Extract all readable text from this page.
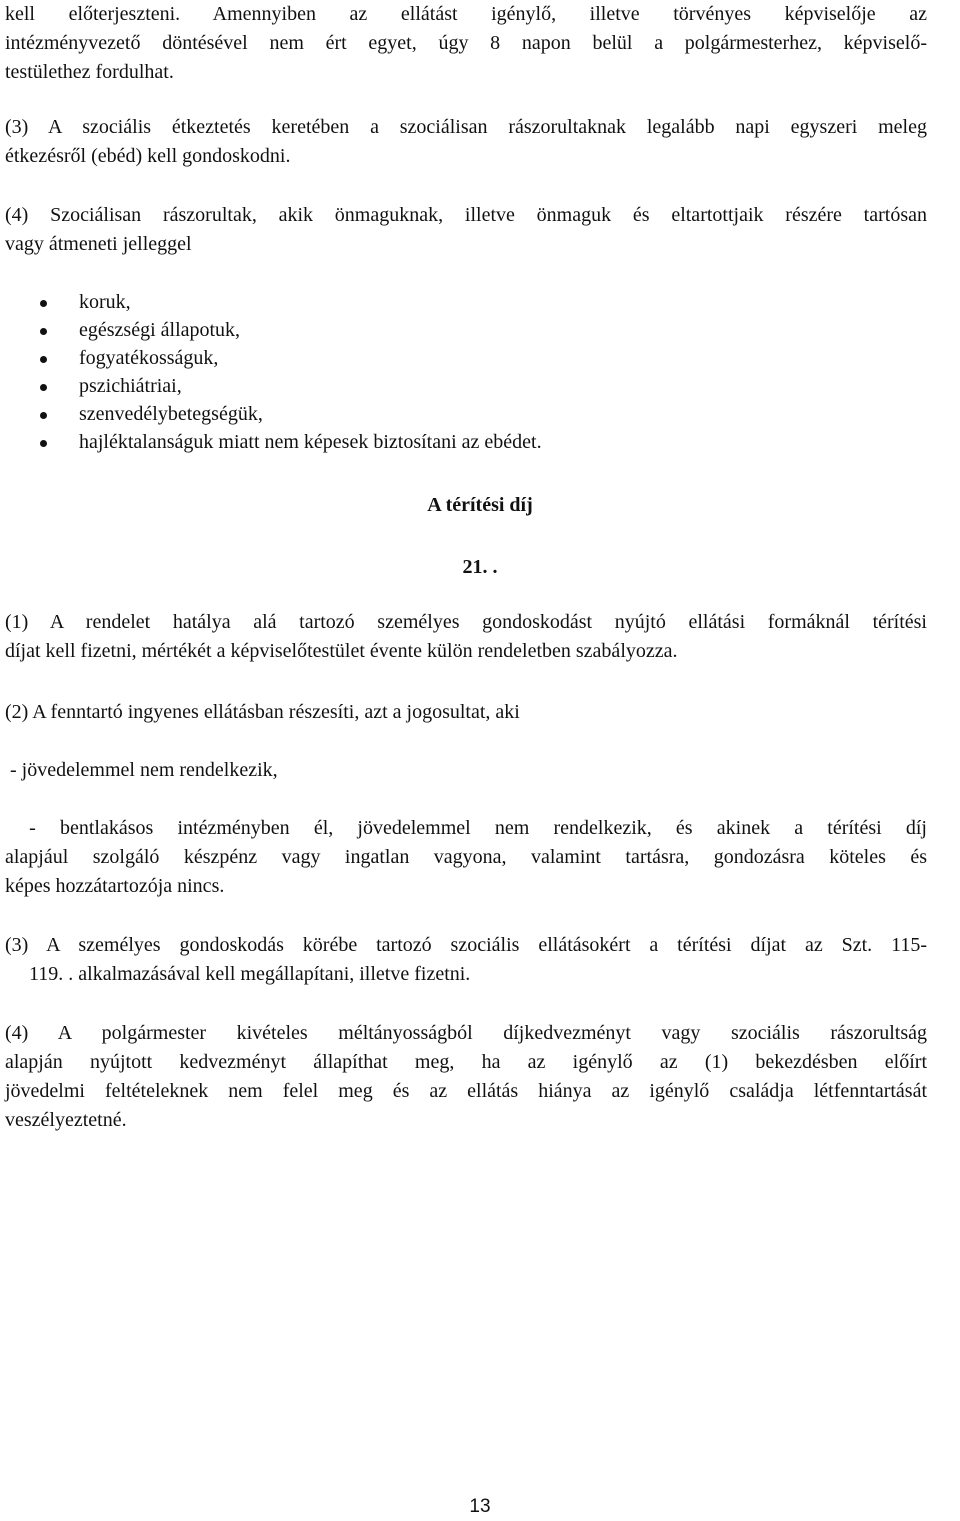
kell előterjeszteni. Amennyiben az ellátást igénylő, illetve törvényes képviselője az
intézményvezető döntésével nem ért egyet, úgy 8 napon belül a polgármesterhez, képviselő-
testülethez fordulhat.
(3) A szociális étkeztetés keretében a szociálisan rászorultaknak legalább napi egyszeri meleg
étkezésről (ebéd) kell gondoskodni.
(4) Szociálisan rászorultak, akik önmaguknak, illetve önmaguk és eltartottjaik részére tartósan
vagy átmeneti jelleggel
koruk,
egészségi állapotuk,
fogyatékosságuk,
pszichiátriai,
szenvedélybetegségük,
hajléktalanságuk miatt nem képesek biztosítani az ebédet.
A térítési díj
21. .
(1) A rendelet hatálya alá tartozó személyes gondoskodást nyújtó ellátási formáknál térítési
díjat kell fizetni, mértékét a képviselőtestület évente külön rendeletben szabályozza.
(2) A fenntartó ingyenes ellátásban részesíti, azt a jogosultat, aki
- jövedelemmel nem rendelkezik,
- bentlakásos intézményben él, jövedelemmel nem rendelkezik, és akinek a térítési díj
alapjául szolgáló készpénz vagy ingatlan vagyona, valamint tartásra, gondozásra köteles és
képes hozzátartozója nincs.
(3) A személyes gondoskodás körébe tartozó szociális ellátásokért a térítési díjat az Szt. 115-
119. . alkalmazásával kell megállapítani, illetve fizetni.
(4) A polgármester kivételes méltányosságból díjkedvezményt vagy szociális rászorultság
alapján nyújtott kedvezményt állapíthat meg, ha az igénylő az (1) bekezdésben előírt
jövedelmi feltételeknek nem felel meg és az ellátás hiánya az igénylő családja létfenntartását
veszélyeztetné.
13
